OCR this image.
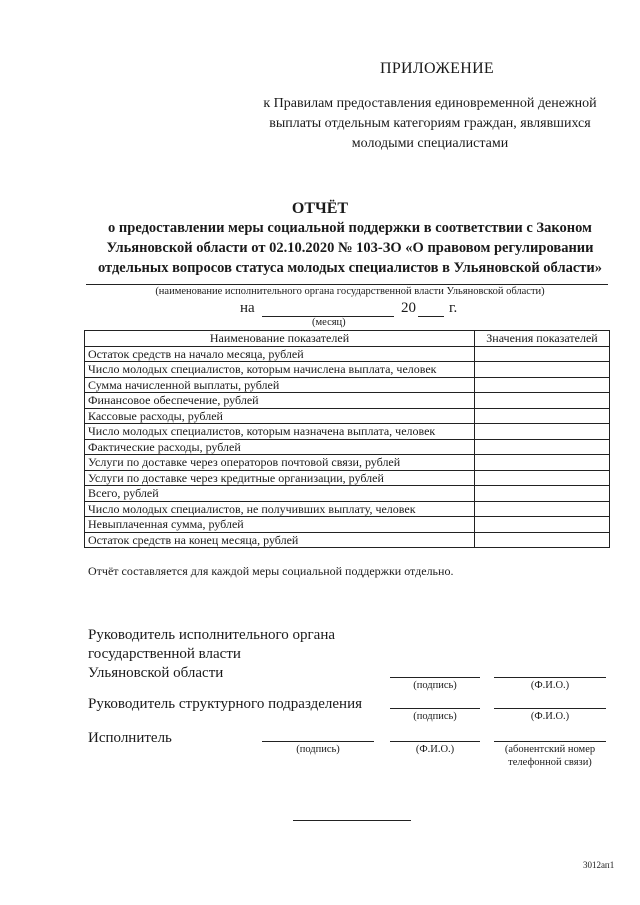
ПРИЛОЖЕНИЕ
к Правилам предоставления единовременной денежной выплаты отдельным категориям граждан, являвшихся молодыми специалистами
ОТЧЁТ
о предоставлении меры социальной поддержки в соответствии с Законом Ульяновской области от 02.10.2020 № 103-ЗО «О правовом регулировании отдельных вопросов статуса молодых специалистов в Ульяновской области»
(наименование исполнительного органа государственной власти Ульяновской области)
на	20 г.
(месяц)
Наименование показателей	Значения показателей
Остаток средств на начало месяца, рублей	
Число молодых специалистов, которым начислена выплата, человек	
Сумма начисленной выплаты, рублей	
Финансовое обеспечение, рублей	
Кассовые расходы, рублей	
Число молодых специалистов, которым назначена выплата, человек	
Фактические расходы, рублей	
Услуги по доставке через операторов почтовой связи, рублей	
Услуги по доставке через кредитные организации, рублей	
Всего, рублей	
Число молодых специалистов, не получивших выплату, человек	
Невыплаченная сумма, рублей	
Остаток средств на конец месяца, рублей	
Отчёт составляется для каждой меры социальной поддержки отдельно.
Руководитель исполнительного органа
государственной власти
Ульяновской области
(подпись)	(Ф.И.О.)
Руководитель структурного подразделения
(подпись)	(Ф.И.О.)
Исполнитель
(подпись)	(Ф.И.О.)	(абонентский номер
телефонной связи)
3012ап1
